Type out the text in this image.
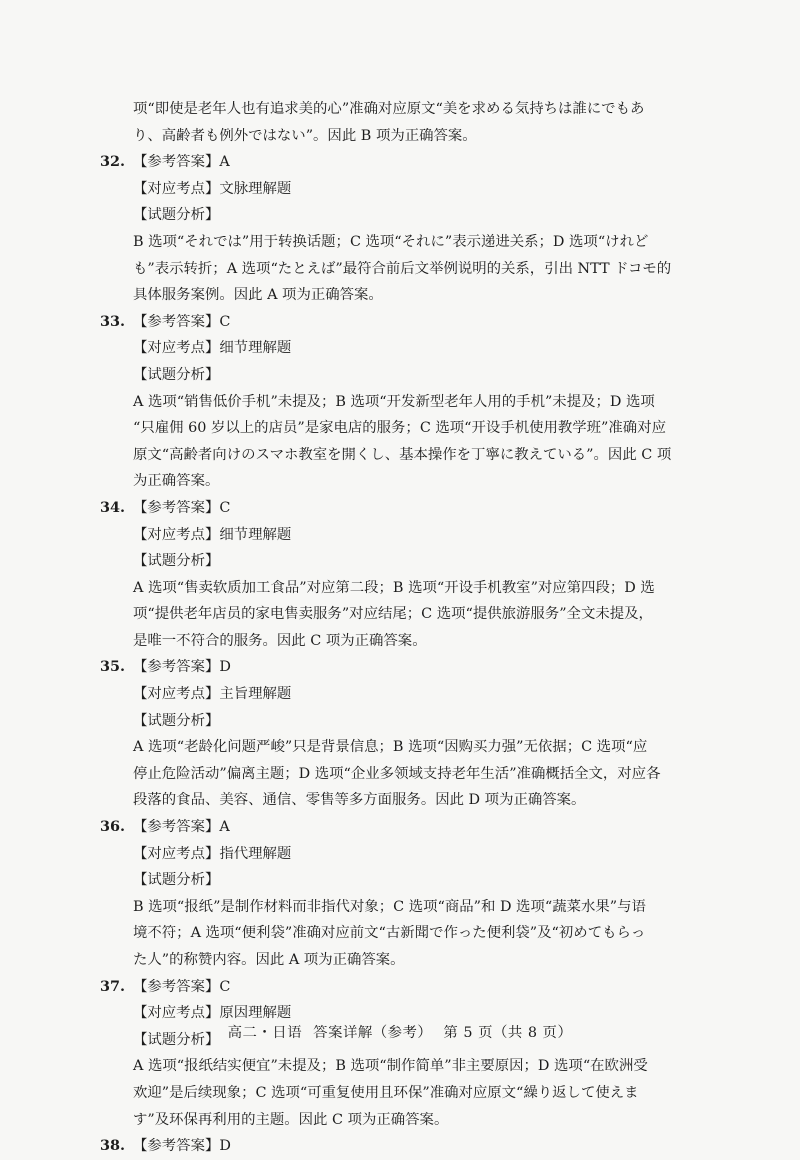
项“即使是老年人也有追求美的心”准确对应原文“美を求める気持ちは誰にでもあ
り、高齢者も例外ではない”。因此 B 项为正确答案。
32. 【参考答案】A
【对应考点】文脉理解题
【试题分析】
B 选项“それでは”用于转换话题；C 选项“それに”表示递进关系；D 选项“けれど
も”表示转折；A 选项“たとえば”最符合前后文举例说明的关系，引出 NTT ドコモ的
具体服务案例。因此 A 项为正确答案。
33. 【参考答案】C
【对应考点】细节理解题
【试题分析】
A 选项“销售低价手机”未提及；B 选项“开发新型老年人用的手机”未提及；D 选项
“只雇佣 60 岁以上的店员”是家电店的服务；C 选项“开设手机使用教学班”准确对应
原文“高齢者向けのスマホ教室を開くし、基本操作を丁寧に教えている”。因此 C 项
为正确答案。
34. 【参考答案】C
【对应考点】细节理解题
【试题分析】
A 选项“售卖软质加工食品”对应第二段；B 选项“开设手机教室”对应第四段；D 选
项“提供老年店员的家电售卖服务”对应结尾；C 选项“提供旅游服务”全文未提及，
是唯一不符合的服务。因此 C 项为正确答案。
35. 【参考答案】D
【对应考点】主旨理解题
【试题分析】
A 选项“老龄化问题严峻”只是背景信息；B 选项“因购买力强”无依据；C 选项“应
停止危险活动”偏离主题；D 选项“企业多领域支持老年生活”准确概括全文，对应各
段落的食品、美容、通信、零售等多方面服务。因此 D 项为正确答案。
36. 【参考答案】A
【对应考点】指代理解题
【试题分析】
B 选项“报纸”是制作材料而非指代对象；C 选项“商品”和 D 选项“蔬菜水果”与语
境不符；A 选项“便利袋”准确对应前文“古新聞で作った便利袋”及“初めてもらっ
た人”的称赞内容。因此 A 项为正确答案。
37. 【参考答案】C
【对应考点】原因理解题
【试题分析】
A 选项“报纸结实便宜”未提及；B 选项“制作简单”非主要原因；D 选项“在欧洲受
欢迎”是后续现象；C 选项“可重复使用且环保”准确对应原文“繰り返して使えま
す”及环保再利用的主题。因此 C 项为正确答案。
38. 【参考答案】D
高二・日语 答案详解（参考） 第 5 页（共 8 页）
